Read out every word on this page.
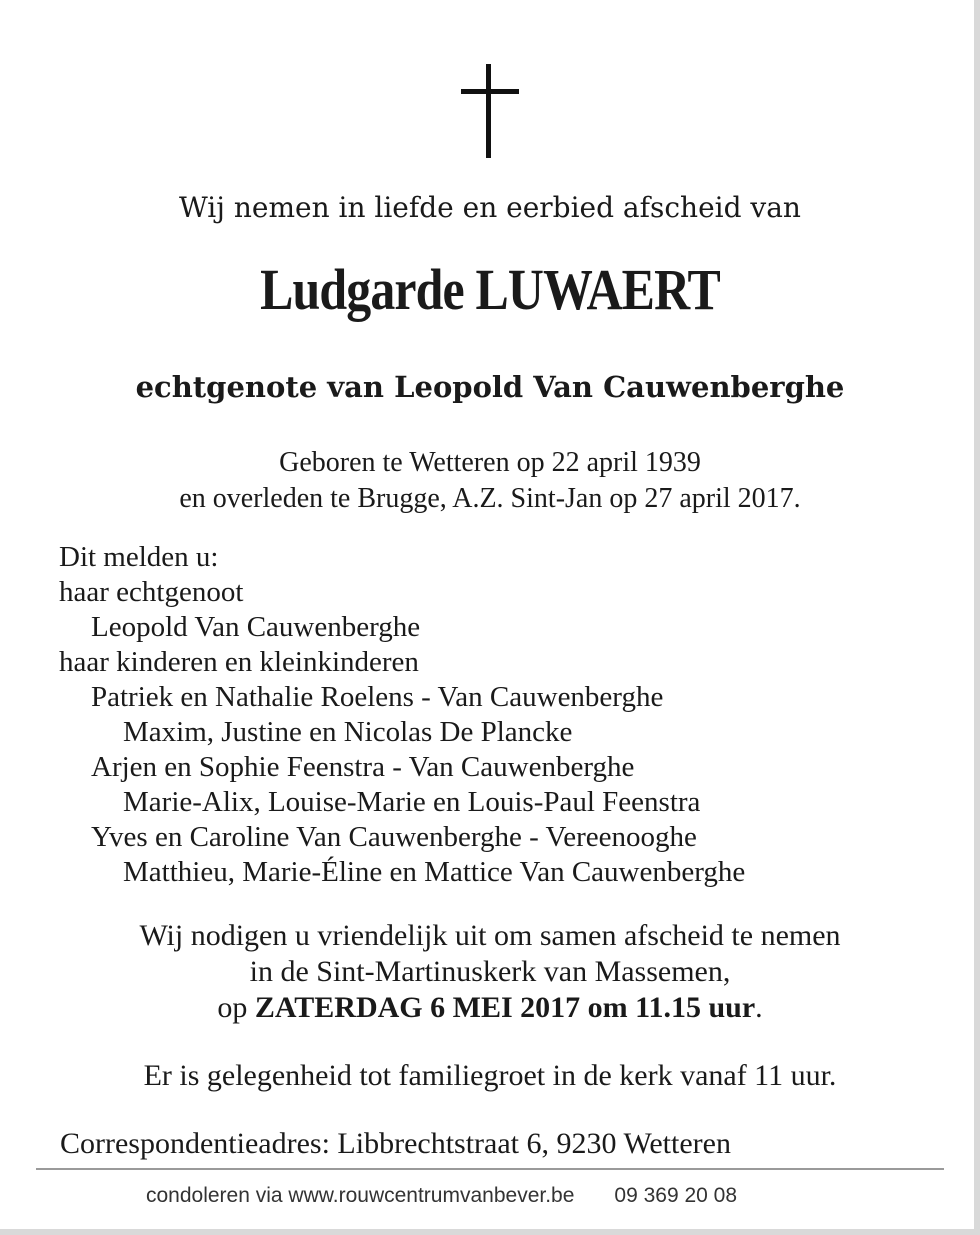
Wij nemen in liefde en eerbied afscheid van
Ludgarde LUWAERT
echtgenote van Leopold Van Cauwenberghe
Geboren te Wetteren op 22 april 1939
en overleden te Brugge, A.Z. Sint-Jan op 27 april 2017.
Dit melden u:
haar echtgenoot
Leopold Van Cauwenberghe
haar kinderen en kleinkinderen
Patriek en Nathalie Roelens - Van Cauwenberghe
Maxim, Justine en Nicolas De Plancke
Arjen en Sophie Feenstra - Van Cauwenberghe
Marie-Alix, Louise-Marie en Louis-Paul Feenstra
Yves en Caroline Van Cauwenberghe - Vereenooghe
Matthieu, Marie-Éline en Mattice Van Cauwenberghe
Wij nodigen u vriendelijk uit om samen afscheid te nemen
in de Sint-Martinuskerk van Massemen,
op ZATERDAG 6 MEI 2017 om 11.15 uur.
Er is gelegenheid tot familiegroet in de kerk vanaf 11 uur.
Correspondentieadres: Libbrechtstraat 6, 9230 Wetteren
condoleren via www.rouwcentrumvanbever.be 09 369 20 08
